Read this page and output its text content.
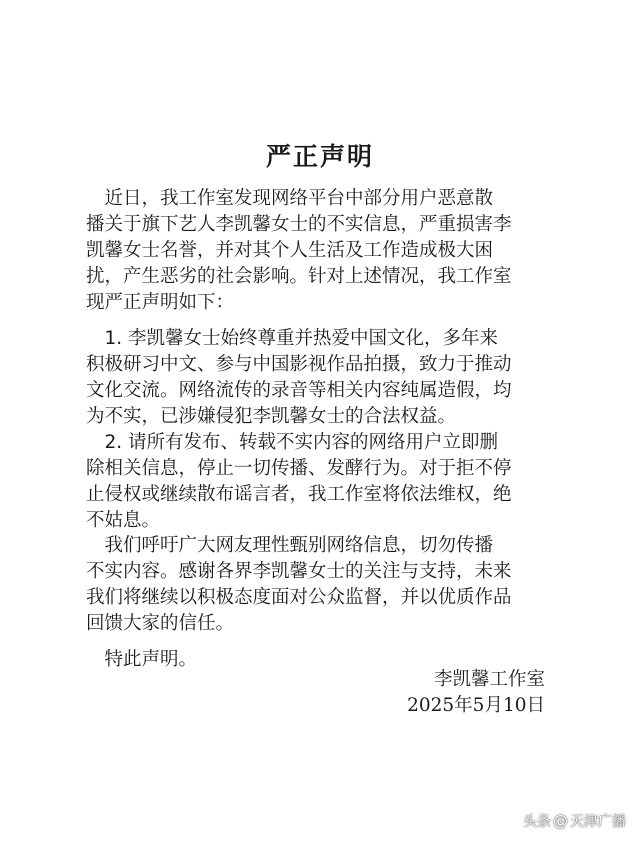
严正声明
　近日，我工作室发现网络平台中部分用户恶意散
播关于旗下艺人李凯馨女士的不实信息，严重损害李
凯馨女士名誉，并对其个人生活及工作造成极大困
扰，产生恶劣的社会影响。针对上述情况，我工作室
现严正声明如下：
　1. 李凯馨女士始终尊重并热爱中国文化，多年来
积极研习中文、参与中国影视作品拍摄，致力于推动
文化交流。网络流传的录音等相关内容纯属造假，均
为不实，已涉嫌侵犯李凯馨女士的合法权益。
　2. 请所有发布、转载不实内容的网络用户立即删
除相关信息，停止一切传播、发酵行为。对于拒不停
止侵权或继续散布谣言者，我工作室将依法维权，绝
不姑息。
　我们呼吁广大网友理性甄别网络信息，切勿传播
不实内容。感谢各界李凯馨女士的关注与支持，未来
我们将继续以积极态度面对公众监督，并以优质作品
回馈大家的信任。
　特此声明。
李凯馨工作室
2025年5月10日
头条 @ 天津广播
